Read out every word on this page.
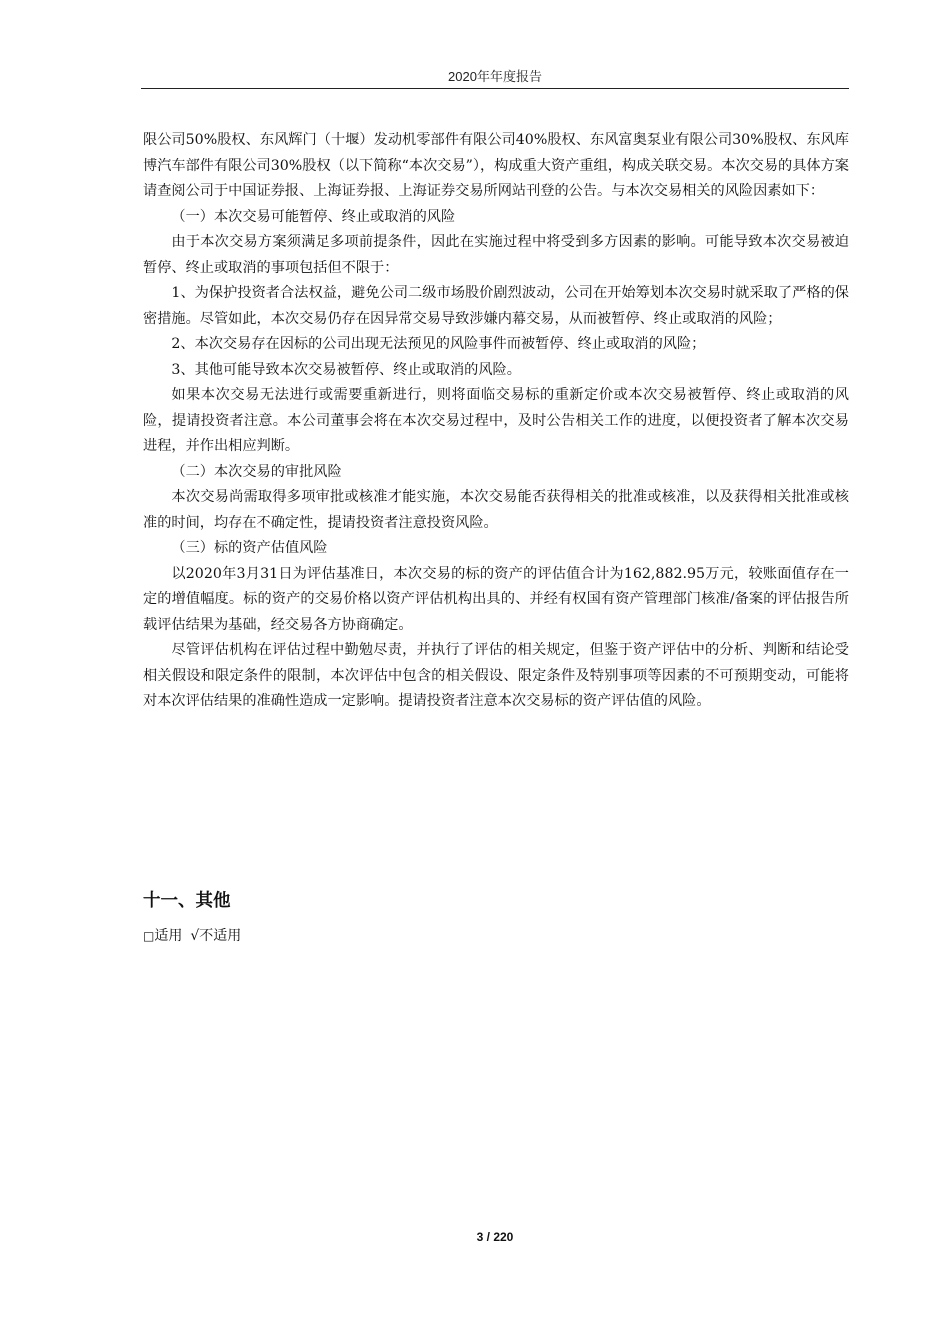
2020年年度报告

限公司50%股权、东风辉门（十堰）发动机零部件有限公司40%股权、东风富奥泵业有限公司30%股权、东风库博汽车部件有限公司30%股权（以下简称“本次交易”），构成重大资产重组，构成关联交易。本次交易的具体方案请查阅公司于中国证券报、上海证券报、上海证券交易所网站刊登的公告。与本次交易相关的风险因素如下：

（一）本次交易可能暂停、终止或取消的风险

由于本次交易方案须满足多项前提条件，因此在实施过程中将受到多方因素的影响。可能导致本次交易被迫暂停、终止或取消的事项包括但不限于：

1、为保护投资者合法权益，避免公司二级市场股价剧烈波动，公司在开始筹划本次交易时就采取了严格的保密措施。尽管如此，本次交易仍存在因异常交易导致涉嫌内幕交易，从而被暂停、终止或取消的风险；

2、本次交易存在因标的公司出现无法预见的风险事件而被暂停、终止或取消的风险；

3、其他可能导致本次交易被暂停、终止或取消的风险。

如果本次交易无法进行或需要重新进行，则将面临交易标的重新定价或本次交易被暂停、终止或取消的风险，提请投资者注意。本公司董事会将在本次交易过程中，及时公告相关工作的进度，以便投资者了解本次交易进程，并作出相应判断。

（二）本次交易的审批风险

本次交易尚需取得多项审批或核准才能实施，本次交易能否获得相关的批准或核准，以及获得相关批准或核准的时间，均存在不确定性，提请投资者注意投资风险。

（三）标的资产估值风险

以2020年3月31日为评估基准日，本次交易的标的资产的评估值合计为162,882.95万元，较账面值存在一定的增值幅度。标的资产的交易价格以资产评估机构出具的、并经有权国有资产管理部门核准/备案的评估报告所载评估结果为基础，经交易各方协商确定。

尽管评估机构在评估过程中勤勉尽责，并执行了评估的相关规定，但鉴于资产评估中的分析、判断和结论受相关假设和限定条件的限制，本次评估中包含的相关假设、限定条件及特别事项等因素的不可预期变动，可能将对本次评估结果的准确性造成一定影响。提请投资者注意本次交易标的资产评估值的风险。

十一、其他
□适用 √不适用
3 / 220
